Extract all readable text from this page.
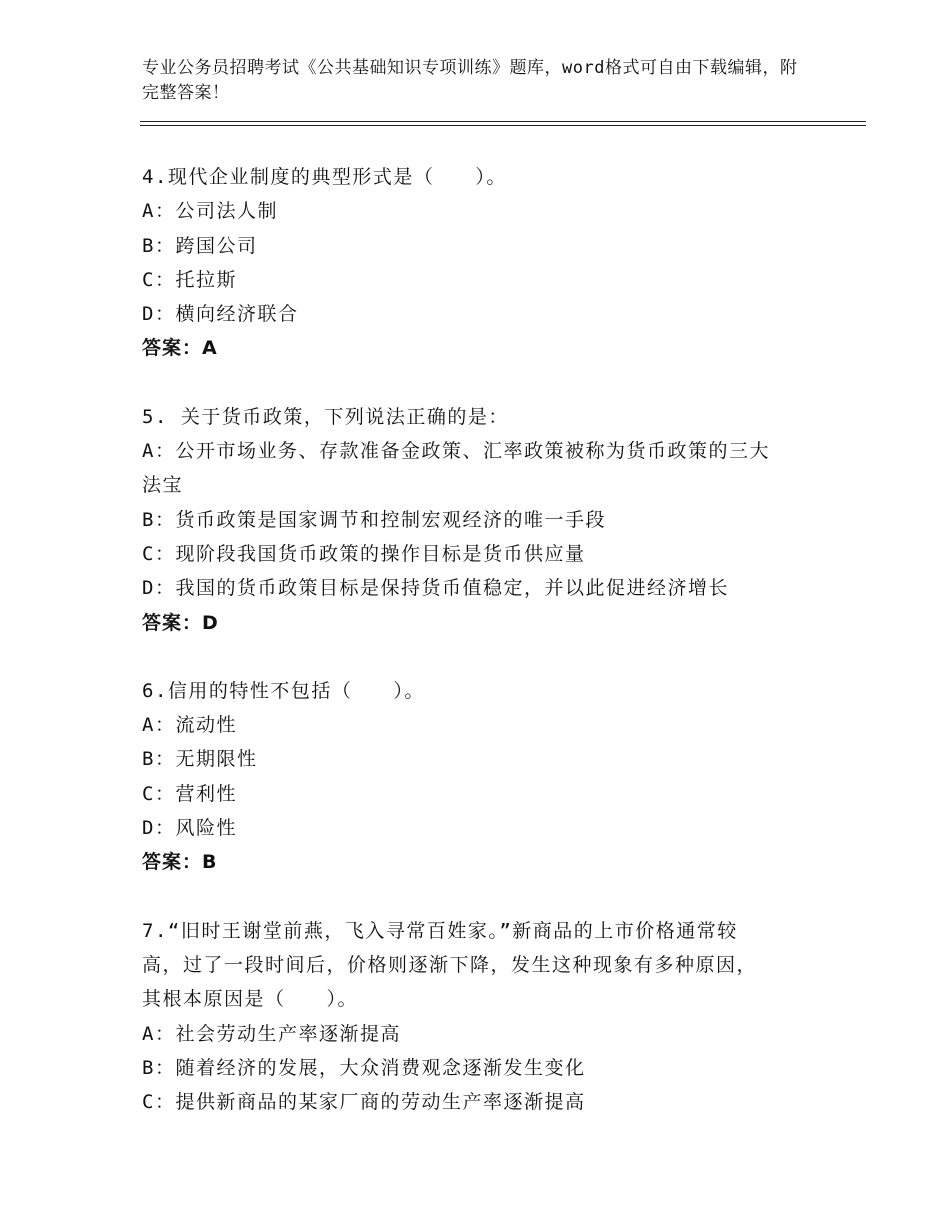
专业公务员招聘考试《公共基础知识专项训练》题库，word格式可自由下载编辑，附完整答案！
4.现代企业制度的典型形式是（　　）。
A：公司法人制
B：跨国公司
C：托拉斯
D：横向经济联合
答案：A
5. 关于货币政策，下列说法正确的是：
A：公开市场业务、存款准备金政策、汇率政策被称为货币政策的三大
法宝
B：货币政策是国家调节和控制宏观经济的唯一手段
C：现阶段我国货币政策的操作目标是货币供应量
D：我国的货币政策目标是保持货币值稳定，并以此促进经济增长
答案：D
6.信用的特性不包括（　　）。
A：流动性
B：无期限性
C：营利性
D：风险性
答案：B
7.“旧时王谢堂前燕，飞入寻常百姓家。”新商品的上市价格通常较
高，过了一段时间后，价格则逐渐下降，发生这种现象有多种原因，
其根本原因是（　　）。
A：社会劳动生产率逐渐提高
B：随着经济的发展，大众消费观念逐渐发生变化
C：提供新商品的某家厂商的劳动生产率逐渐提高
